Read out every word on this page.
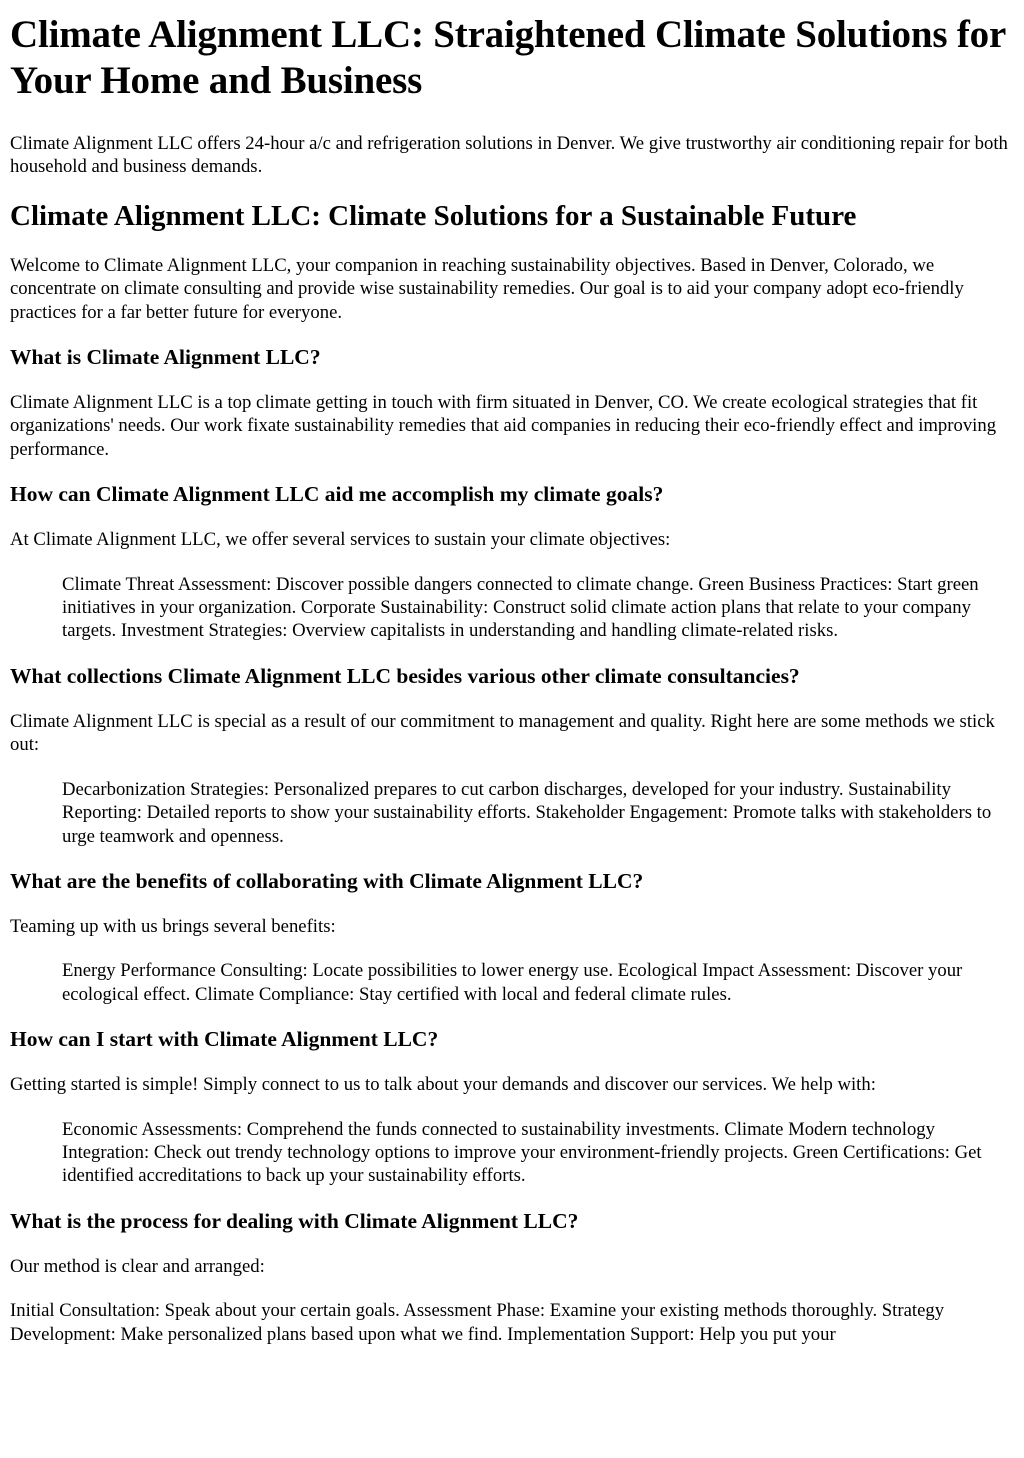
Climate Alignment LLC: Straightened Climate Solutions for Your Home and Business

Climate Alignment LLC offers 24-hour a/c and refrigeration solutions in Denver. We give trustworthy air conditioning repair for both household and business demands.

Climate Alignment LLC: Climate Solutions for a Sustainable Future

Welcome to Climate Alignment LLC, your companion in reaching sustainability objectives. Based in Denver, Colorado, we concentrate on climate consulting and provide wise sustainability remedies. Our goal is to aid your company adopt eco-friendly practices for a far better future for everyone.

What is Climate Alignment LLC?

Climate Alignment LLC is a top climate getting in touch with firm situated in Denver, CO. We create ecological strategies that fit organizations' needs. Our work fixate sustainability remedies that aid companies in reducing their eco-friendly effect and improving performance.

How can Climate Alignment LLC aid me accomplish my climate goals?

At Climate Alignment LLC, we offer several services to sustain your climate objectives:

Climate Threat Assessment: Discover possible dangers connected to climate change. Green Business Practices: Start green initiatives in your organization. Corporate Sustainability: Construct solid climate action plans that relate to your company targets. Investment Strategies: Overview capitalists in understanding and handling climate-related risks.
What collections Climate Alignment LLC besides various other climate consultancies?

Climate Alignment LLC is special as a result of our commitment to management and quality. Right here are some methods we stick out:

Decarbonization Strategies: Personalized prepares to cut carbon discharges, developed for your industry. Sustainability Reporting: Detailed reports to show your sustainability efforts. Stakeholder Engagement: Promote talks with stakeholders to urge teamwork and openness.
What are the benefits of collaborating with Climate Alignment LLC?

Teaming up with us brings several benefits:

Energy Performance Consulting: Locate possibilities to lower energy use. Ecological Impact Assessment: Discover your ecological effect. Climate Compliance: Stay certified with local and federal climate rules.
How can I start with Climate Alignment LLC?

Getting started is simple! Simply connect to us to talk about your demands and discover our services. We help with:

Economic Assessments: Comprehend the funds connected to sustainability investments. Climate Modern technology Integration: Check out trendy technology options to improve your environment-friendly projects. Green Certifications: Get identified accreditations to back up your sustainability efforts.
What is the process for dealing with Climate Alignment LLC?

Our method is clear and arranged:

Initial Consultation: Speak about your certain goals. Assessment Phase: Examine your existing methods thoroughly. Strategy Development: Make personalized plans based upon what we find. Implementation Support: Help you put your
